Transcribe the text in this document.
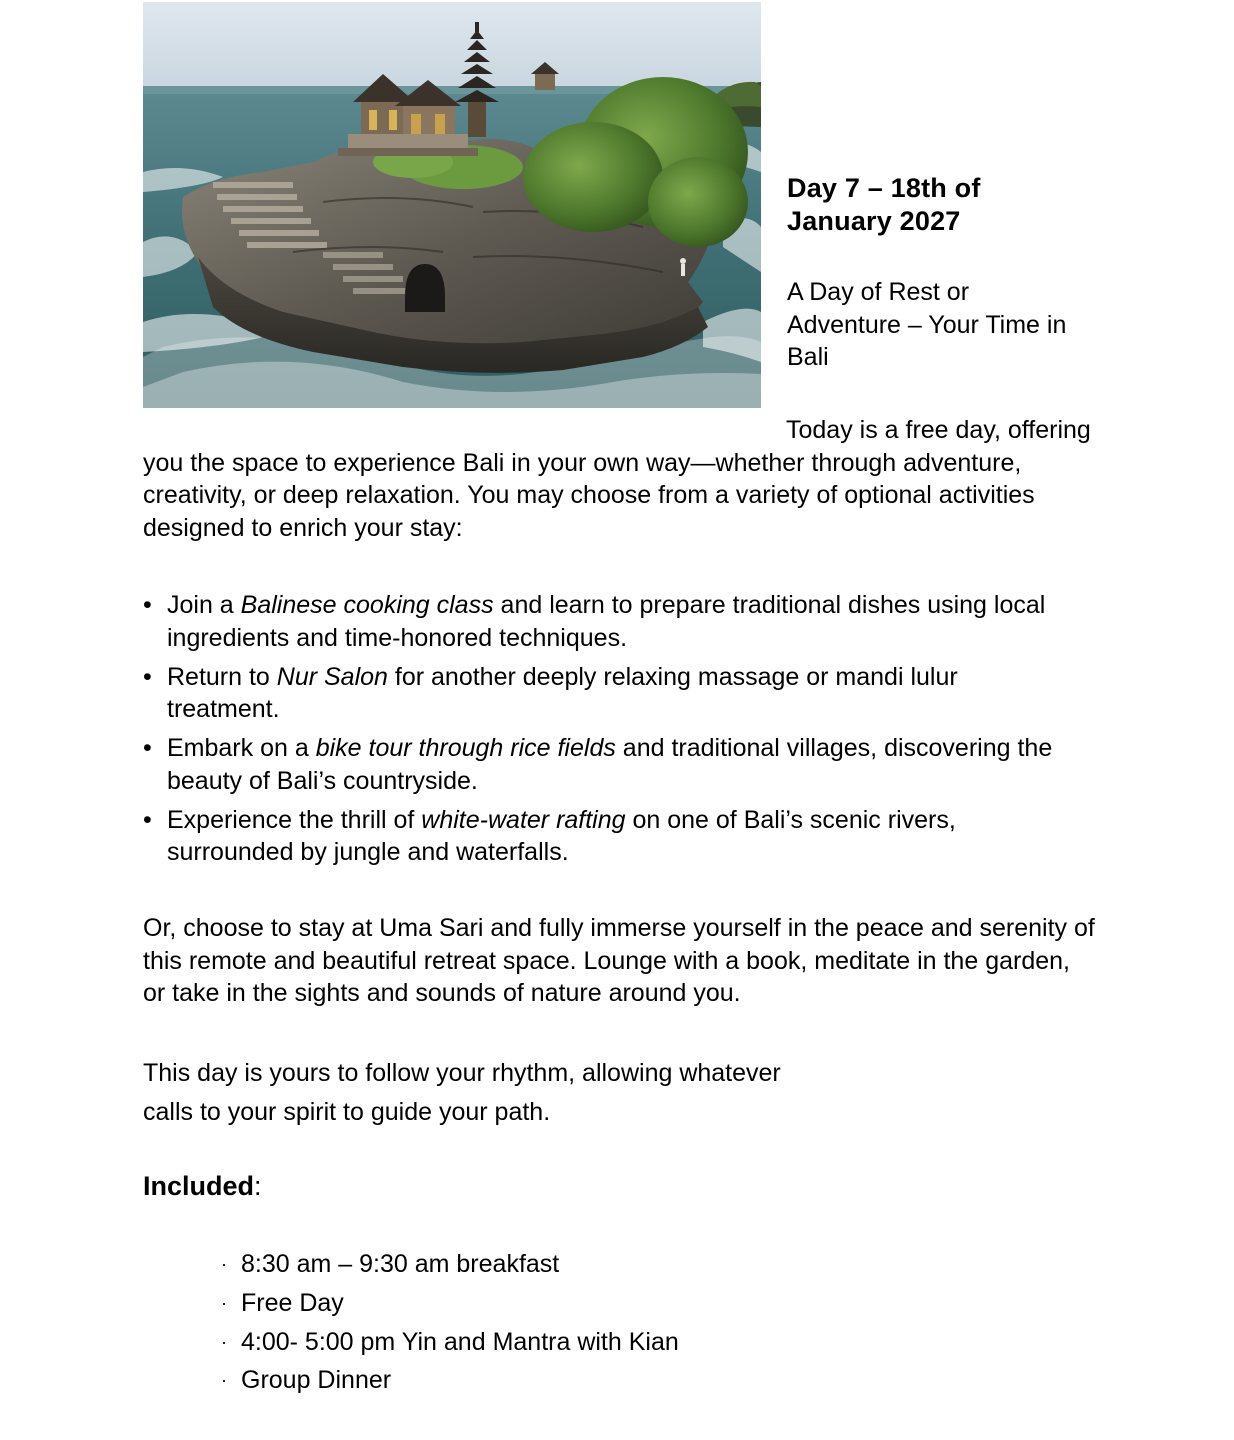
Day 7 – 18th of
January 2027

A Day of Rest or
Adventure – Your Time in
Bali

Today is a free day, offering
you the space to experience Bali in your own way—whether through adventure, creativity, or deep relaxation. You may choose from a variety of optional activities designed to enrich your stay:

• Join a Balinese cooking class and learn to prepare traditional dishes using local ingredients and time-honored techniques.
• Return to Nur Salon for another deeply relaxing massage or mandi lulur treatment.
• Embark on a bike tour through rice fields and traditional villages, discovering the beauty of Bali’s countryside.
• Experience the thrill of white-water rafting on one of Bali’s scenic rivers, surrounded by jungle and waterfalls.

Or, choose to stay at Uma Sari and fully immerse yourself in the peace and serenity of this remote and beautiful retreat space. Lounge with a book, meditate in the garden, or take in the sights and sounds of nature around you.

This day is yours to follow your rhythm, allowing whatever
calls to your spirit to guide your path.

Included:

· 8:30 am – 9:30 am breakfast
· Free Day
· 4:00- 5:00 pm Yin and Mantra with Kian
· Group Dinner
